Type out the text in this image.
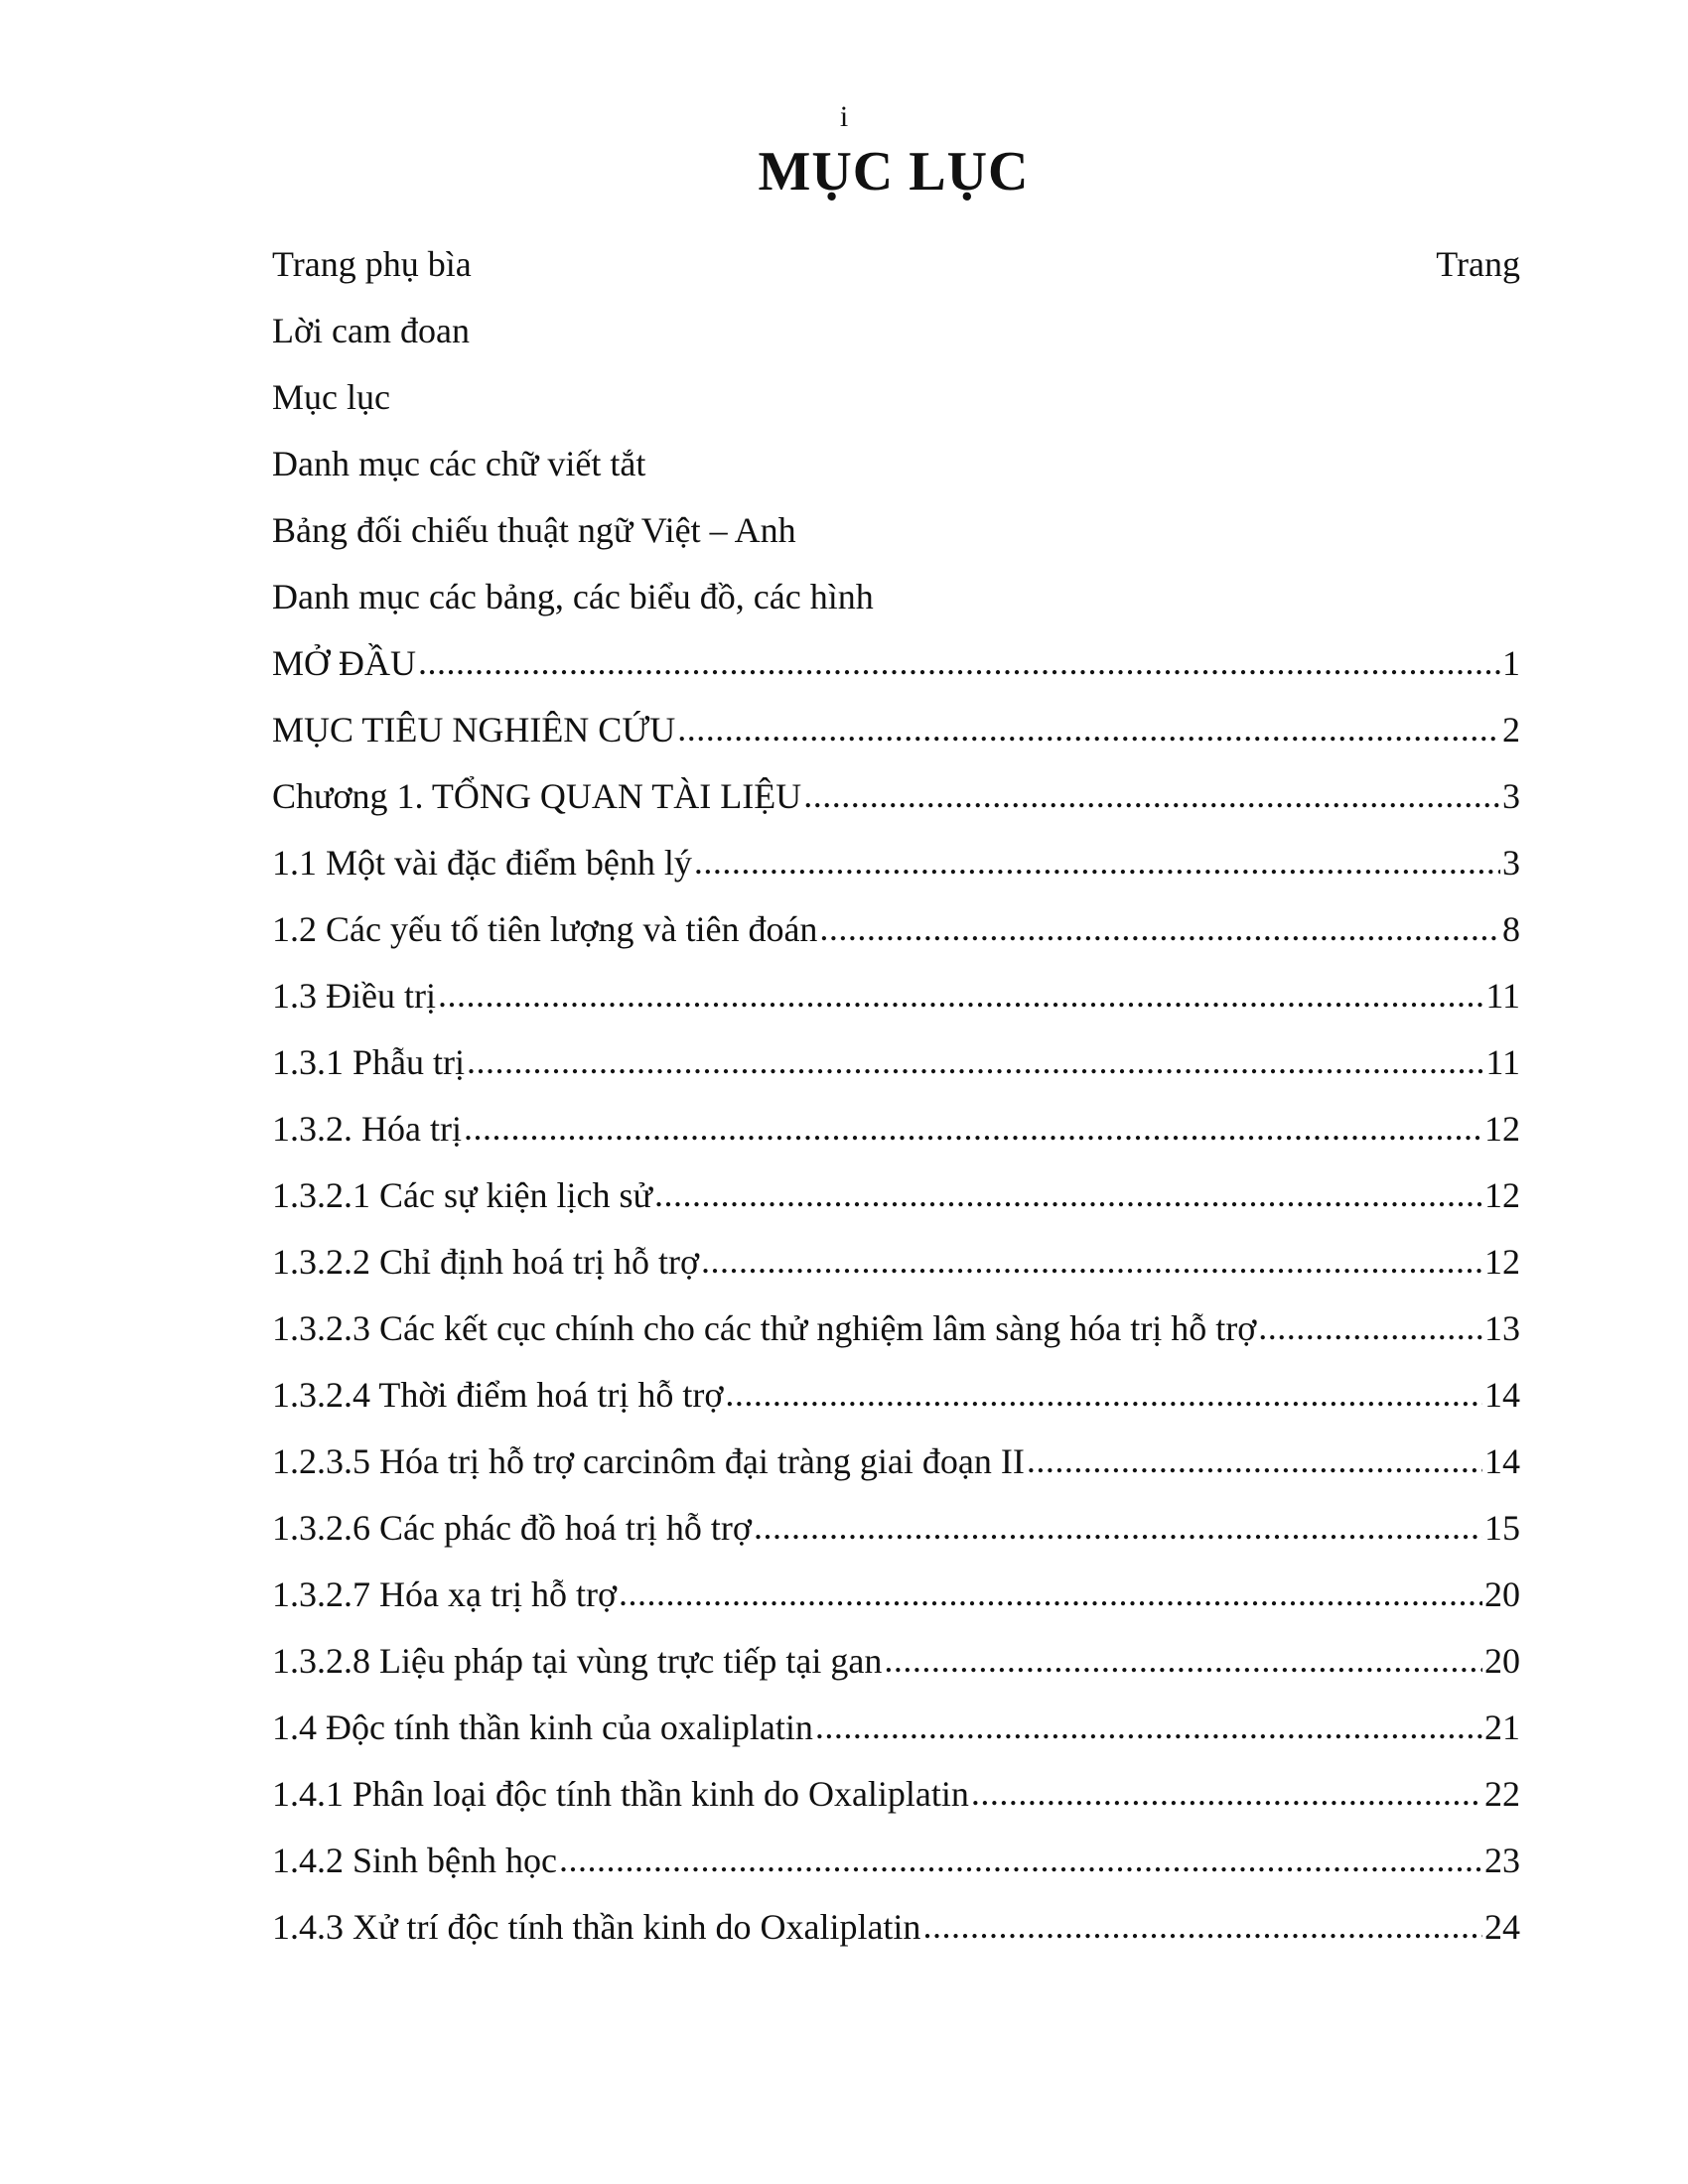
i
MỤC LỤC
Trang phụ bìa	Trang
Lời cam đoan
Mục lục
Danh mục các chữ viết tắt
Bảng đối chiếu thuật ngữ Việt – Anh
Danh mục các bảng, các biểu đồ, các hình
MỞ ĐẦU .....	1
MỤC TIÊU NGHIÊN CỨU .....	2
Chương 1. TỔNG QUAN TÀI LIỆU .....	3
1.1 Một vài đặc điểm bệnh lý .....	3
1.2 Các yếu tố tiên lượng và tiên đoán .....	8
1.3 Điều trị .....	11
1.3.1 Phẫu trị .....	11
1.3.2. Hóa trị .....	12
1.3.2.1 Các sự kiện lịch sử .....	12
1.3.2.2 Chỉ định hoá trị hỗ trợ .....	12
1.3.2.3 Các kết cục chính cho các thử nghiệm lâm sàng hóa trị hỗ trợ .....	13
1.3.2.4 Thời điểm hoá trị hỗ trợ .....	14
1.2.3.5 Hóa trị hỗ trợ carcinôm đại tràng giai đoạn II .....	14
1.3.2.6 Các phác đồ hoá trị hỗ trợ .....	15
1.3.2.7 Hóa xạ trị hỗ trợ .....	20
1.3.2.8 Liệu pháp tại vùng trực tiếp tại gan .....	20
1.4 Độc tính thần kinh của oxaliplatin .....	21
1.4.1 Phân loại độc tính thần kinh do Oxaliplatin .....	22
1.4.2 Sinh bệnh học .....	23
1.4.3 Xử trí độc tính thần kinh do Oxaliplatin .....	24
